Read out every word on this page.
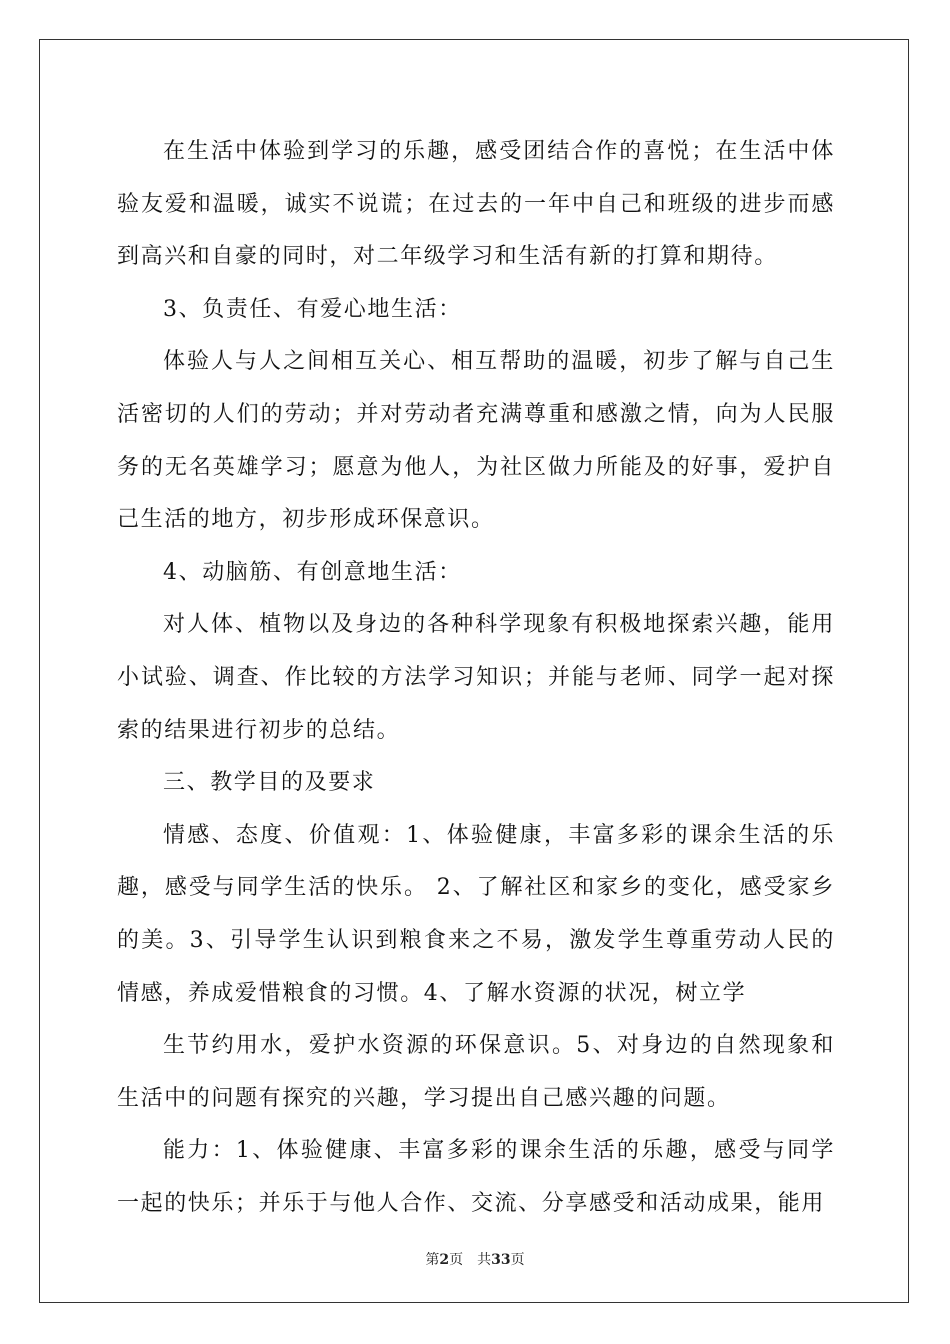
在生活中体验到学习的乐趣，感受团结合作的喜悦；在生活中体验友爱和温暖，诚实不说谎；在过去的一年中自己和班级的进步而感到高兴和自豪的同时，对二年级学习和生活有新的打算和期待。

3、负责任、有爱心地生活：

体验人与人之间相互关心、相互帮助的温暖，初步了解与自己生活密切的人们的劳动；并对劳动者充满尊重和感激之情，向为人民服务的无名英雄学习；愿意为他人，为社区做力所能及的好事，爱护自己生活的地方，初步形成环保意识。

4、动脑筋、有创意地生活：

对人体、植物以及身边的各种科学现象有积极地探索兴趣，能用小试验、调查、作比较的方法学习知识；并能与老师、同学一起对探索的结果进行初步的总结。

三、教学目的及要求

情感、态度、价值观：1、体验健康，丰富多彩的课余生活的乐趣，感受与同学生活的快乐。 2、了解社区和家乡的变化，感受家乡的美。3、引导学生认识到粮食来之不易，激发学生尊重劳动人民的情感，养成爱惜粮食的习惯。4、了解水资源的状况，树立学

生节约用水，爱护水资源的环保意识。5、对身边的自然现象和生活中的问题有探究的兴趣，学习提出自己感兴趣的问题。

能力：1、体验健康、丰富多彩的课余生活的乐趣，感受与同学一起的快乐；并乐于与他人合作、交流、分享感受和活动成果，能用

第2页 共33页
